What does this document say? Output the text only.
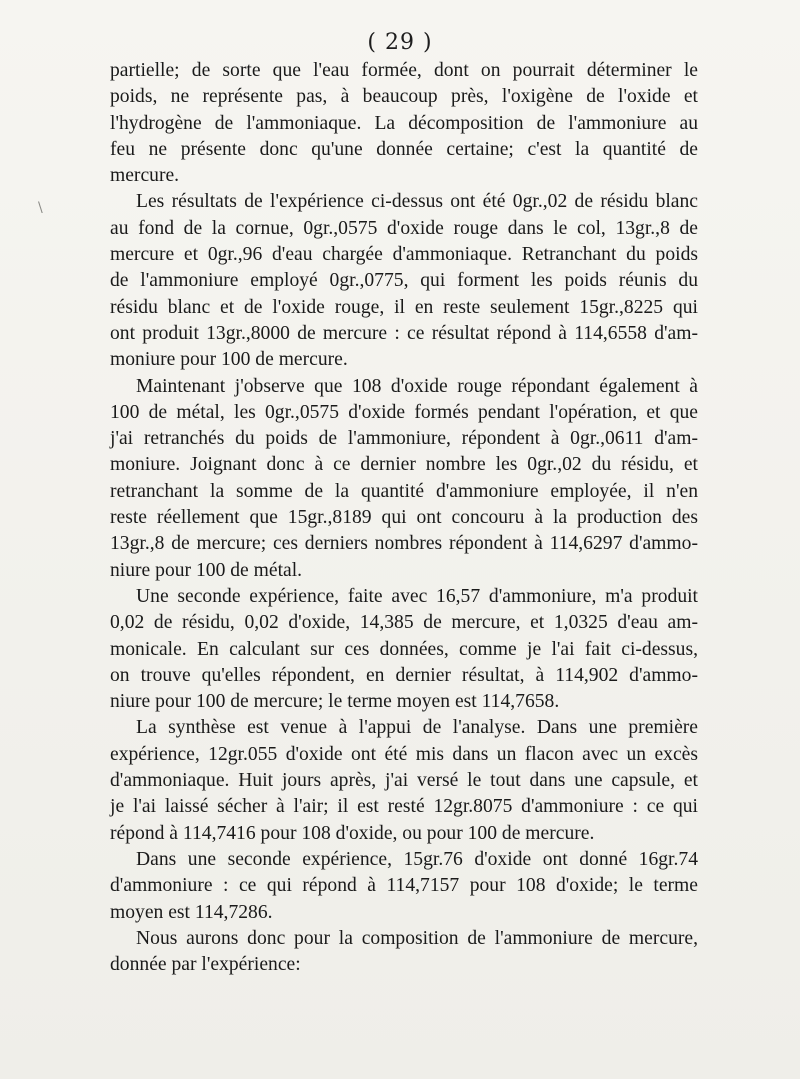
( 29 )
\
partielle; de sorte que l'eau formée, dont on pourrait déterminer le
poids, ne représente pas, à beaucoup près, l'oxigène de l'oxide et
l'hydrogène de l'ammoniaque. La décomposition de l'ammoniure au
feu ne présente donc qu'une donnée certaine; c'est la quantité de
mercure.
Les résultats de l'expérience ci-dessus ont été 0gr.,02 de résidu blanc
au fond de la cornue, 0gr.,0575 d'oxide rouge dans le col, 13gr.,8 de
mercure et 0gr.,96 d'eau chargée d'ammoniaque. Retranchant du poids
de l'ammoniure employé 0gr.,0775, qui forment les poids réunis du
résidu blanc et de l'oxide rouge, il en reste seulement 15gr.,8225 qui
ont produit 13gr.,8000 de mercure : ce résultat répond à 114,6558 d'am-
moniure pour 100 de mercure.
Maintenant j'observe que 108 d'oxide rouge répondant également à
100 de métal, les 0gr.,0575 d'oxide formés pendant l'opération, et que
j'ai retranchés du poids de l'ammoniure, répondent à 0gr.,0611 d'am-
moniure. Joignant donc à ce dernier nombre les 0gr.,02 du résidu, et
retranchant la somme de la quantité d'ammoniure employée, il n'en
reste réellement que 15gr.,8189 qui ont concouru à la production des
13gr.,8 de mercure; ces derniers nombres répondent à 114,6297 d'ammo-
niure pour 100 de métal.
Une seconde expérience, faite avec 16,57 d'ammoniure, m'a produit
0,02 de résidu, 0,02 d'oxide, 14,385 de mercure, et 1,0325 d'eau am-
monicale. En calculant sur ces données, comme je l'ai fait ci-dessus,
on trouve qu'elles répondent, en dernier résultat, à 114,902 d'ammo-
niure pour 100 de mercure; le terme moyen est 114,7658.
La synthèse est venue à l'appui de l'analyse. Dans une première
expérience, 12gr.055 d'oxide ont été mis dans un flacon avec un excès
d'ammoniaque. Huit jours après, j'ai versé le tout dans une capsule, et
je l'ai laissé sécher à l'air; il est resté 12gr.8075 d'ammoniure : ce qui
répond à 114,7416 pour 108 d'oxide, ou pour 100 de mercure.
Dans une seconde expérience, 15gr.76 d'oxide ont donné 16gr.74
d'ammoniure : ce qui répond à 114,7157 pour 108 d'oxide; le terme
moyen est 114,7286.
Nous aurons donc pour la composition de l'ammoniure de mercure,
donnée par l'expérience:
